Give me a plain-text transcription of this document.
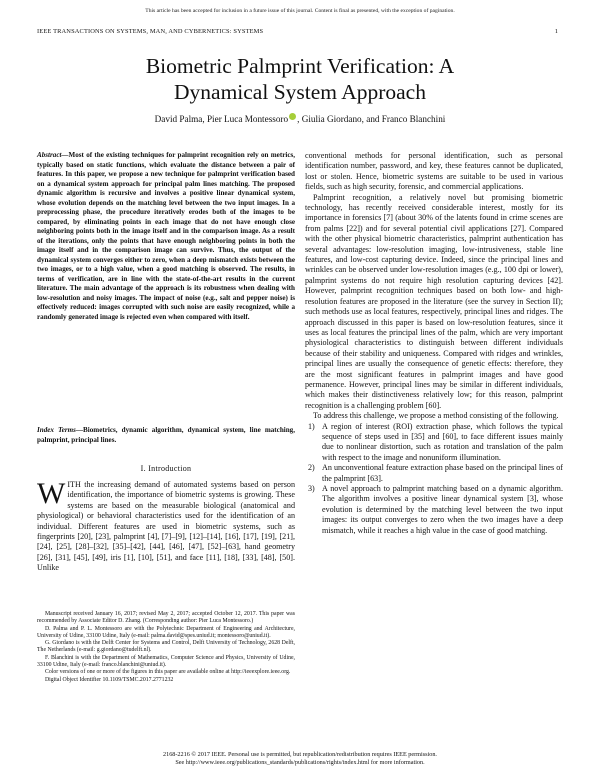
This article has been accepted for inclusion in a future issue of this journal. Content is final as presented, with the exception of pagination.
IEEE TRANSACTIONS ON SYSTEMS, MAN, AND CYBERNETICS: SYSTEMS	1
Biometric Palmprint Verification: A
Dynamical System Approach
David Palma, Pier Luca Montessoro , Giulia Giordano, and Franco Blanchini
Abstract—Most of the existing techniques for palmprint recognition rely on metrics, typically based on static functions, which evaluate the distance between a pair of features. In this paper, we propose a new technique for palmprint verification based on a dynamical system approach for principal palm lines matching. The proposed dynamic algorithm is recursive and involves a positive linear dynamical system, whose evolution depends on the matching level between the two input images. In a preprocessing phase, the procedure iteratively erodes both of the images to be compared, by eliminating points in each image that do not have enough close neighboring points both in the image itself and in the comparison image. As a result of the iterations, only the points that have enough neighboring points in both the image itself and in the comparison image can survive. Thus, the output of the dynamical system converges either to zero, when a deep mismatch exists between the two images, or to a high value, when a good matching is observed. The results, in terms of verification, are in line with the state-of-the-art results in the current literature. The main advantage of the approach is its robustness when dealing with low-resolution and noisy images. The impact of noise (e.g., salt and pepper noise) is effectively reduced: images corrupted with such noise are easily recognized, while a randomly generated image is rejected even when compared with itself.
Index Terms—Biometrics, dynamic algorithm, dynamical system, line matching, palmprint, principal lines.
I. Introduction
WITH the increasing demand of automated systems based on person identification, the importance of biometric systems is growing. These systems are based on the measurable biological (anatomical and physiological) or behavioral characteristics used for the identification of an individual. Different features are used in biometric systems, such as fingerprints [20], [23], palmprint [4], [7]–[9], [12]–[14], [16], [17], [19], [21], [24], [25], [28]–[32], [35]–[42], [44], [46], [47], [52]–[63], hand geometry [26], [31], [45], [49], iris [1], [10], [51], and face [11], [18], [33], [48], [50]. Unlike

Manuscript received January 16, 2017; revised May 2, 2017; accepted October 12, 2017. This paper was recommended by Associate Editor D. Zhang. (Corresponding author: Pier Luca Montessoro.)

D. Palma and P. L. Montessoro are with the Polytechnic Department of Engineering and Architecture, University of Udine, 33100 Udine, Italy (e-mail: palma.david@spes.uniud.it; montessoro@uniud.it).

G. Giordano is with the Delft Center for Systems and Control, Delft University of Technology, 2628 Delft, The Netherlands (e-mail: g.giordano@tudelft.nl).

F. Blanchini is with the Department of Mathematics, Computer Science and Physics, University of Udine, 33100 Udine, Italy (e-mail: franco.blanchini@uniud.it).

Color versions of one or more of the figures in this paper are available online at http://ieeexplore.ieee.org.

Digital Object Identifier 10.1109/TSMC.2017.2771232

conventional methods for personal identification, such as personal identification number, password, and key, these features cannot be duplicated, lost or stolen. Hence, biometric systems are suitable to be used in various fields, such as high security, forensic, and commercial applications.

Palmprint recognition, a relatively novel but promising biometric technology, has recently received considerable interest, mostly for its importance in forensics [7] (about 30% of the latents found in crime scenes are from palms [22]) and for several potential civil applications [27]. Compared with the other physical biometric characteristics, palmprint authentication has several advantages: low-resolution imaging, low-intrusiveness, stable line features, and low-cost capturing device. Indeed, since the principal lines and wrinkles can be observed under low-resolution images (e.g., 100 dpi or lower), palmprint systems do not require high resolution capturing devices [42]. However, palmprint recognition techniques based on both low- and high-resolution features are proposed in the literature (see the survey in Section II); such methods use as local features, respectively, principal lines and ridges. The approach discussed in this paper is based on low-resolution features, since it uses as local features the principal lines of the palm, which are very important physiological characteristics to distinguish between different individuals because of their stability and uniqueness. Compared with ridges and wrinkles, principal lines are usually the consequence of genetic effects: therefore, they are the most significant features in palmprint images and have good permanence. However, principal lines may be similar in different individuals, which makes their distinctiveness relatively low; for this reason, palmprint recognition is a challenging problem [60].

To address this challenge, we propose a method consisting of the following.

1) A region of interest (ROI) extraction phase, which follows the typical sequence of steps used in [35] and [60], to face different issues mainly due to nonlinear distortion, such as rotation and translation of the palm with respect to the image and nonuniform illumination.
2) An unconventional feature extraction phase based on the principal lines of the palmprint [63].
3) A novel approach to palmprint matching based on a dynamic algorithm. The algorithm involves a positive linear dynamical system [3], whose evolution is determined by the matching level between the two input images: its output converges to zero when the two images have a deep mismatch, while it reaches a high value in the case of good matching.
2168-2216 © 2017 IEEE. Personal use is permitted, but republication/redistribution requires IEEE permission.
See http://www.ieee.org/publications_standards/publications/rights/index.html for more information.
